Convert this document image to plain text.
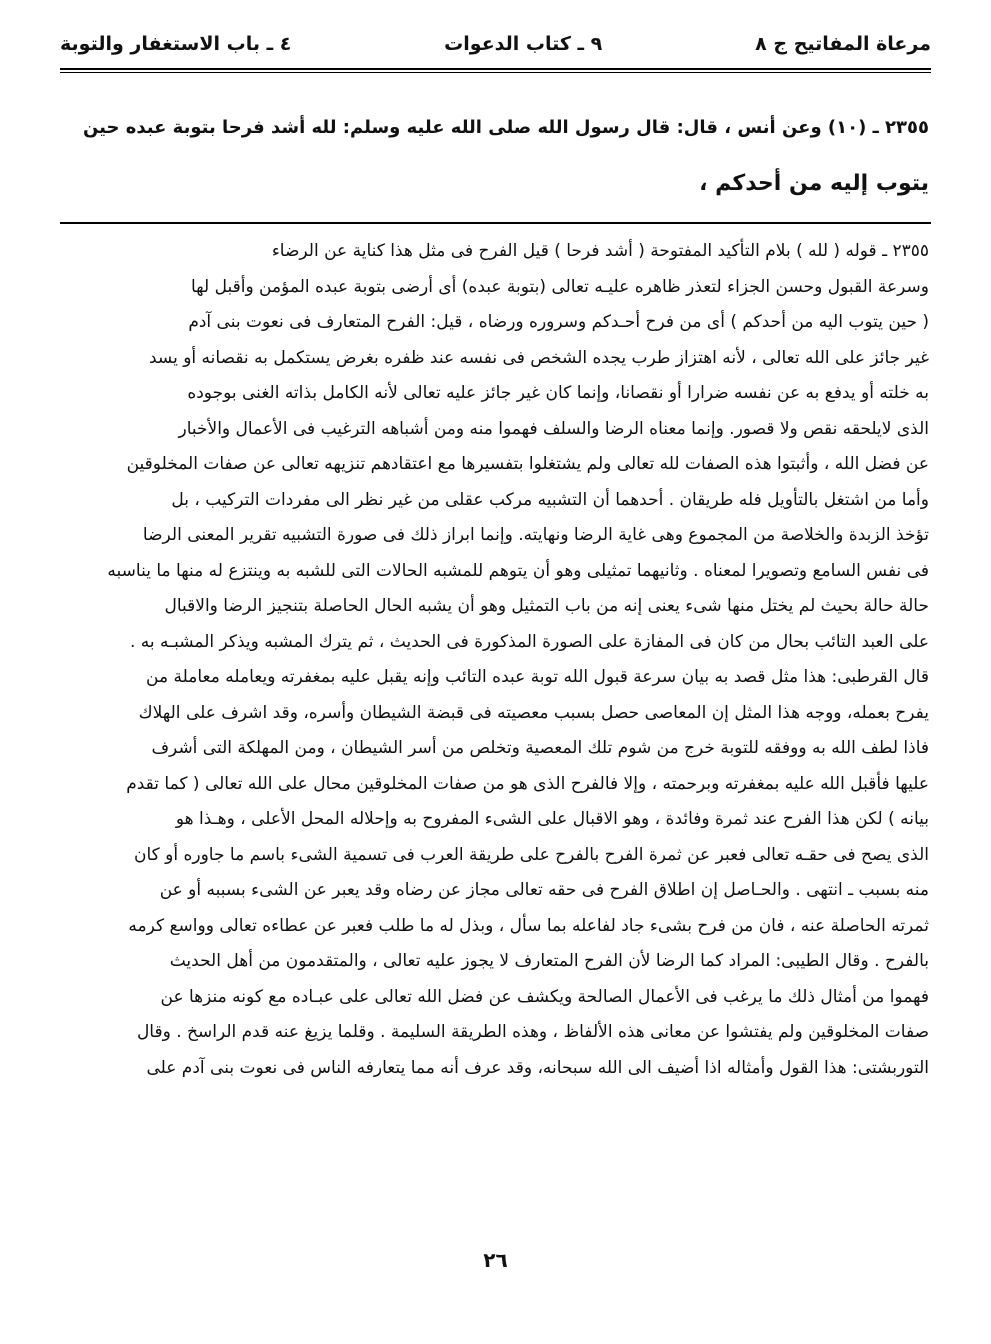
مرعاة المفاتيح ج ٨
٩ ـ كتاب الدعوات
٤ ـ باب الاستغفار والتوبة
٢٣٥٥ ـ (١٠) وعن أنس ، قال: قال رسول الله صلى الله عليه وسلم: لله أشد فرحا بتوبة عبده حين
يتوب إليه من أحدكم ،
٢٣٥٥ ـ قوله ( لله ) بلام التأكيد المفتوحة ( أشد فرحا ) قيل الفرح فى مثل هذا كناية عن الرضاء
وسرعة القبول وحسن الجزاء لتعذر ظاهره عليـه تعالى (بتوبة عبده) أى أرضى بتوبة عبده المؤمن وأقبل لها
( حين يتوب اليه من أحدكم ) أى من فرح أحـدكم وسروره ورضاه ، قيل: الفرح المتعارف فى نعوت بنى آدم
غير جائز على الله تعالى ، لأنه اهتزاز طرب يجده الشخص فى نفسه عند ظفره بغرض يستكمل به نقصانه أو يسد
به خلته أو يدفع به عن نفسه ضرارا أو نقصانا، وإنما كان غير جائز عليه تعالى لأنه الكامل بذاته الغنى بوجوده
الذى لايلحقه نقص ولا قصور. وإنما معناه الرضا والسلف فهموا منه ومن أشباهه الترغيب فى الأعمال والأخبار
عن فضل الله ، وأثبتوا هذه الصفات لله تعالى ولم يشتغلوا بتفسيرها مع اعتقادهم تنزيهه تعالى عن صفات المخلوقين
وأما من اشتغل بالتأويل فله طريقان . أحدهما أن التشبيه مركب عقلى من غير نظر الى مفردات التركيب ، بل
تؤخذ الزبدة والخلاصة من المجموع وهى غاية الرضا ونهايته. وإنما ابراز ذلك فى صورة التشبيه تقرير المعنى الرضا
فى نفس السامع وتصويرا لمعناه . وثانيهما تمثيلى وهو أن يتوهم للمشبه الحالات التى للشبه به وينتزع له منها ما يناسبه
حالة حالة بحيث لم يختل منها شىء يعنى إنه من باب التمثيل وهو أن يشبه الحال الحاصلة بتنجيز الرضا والاقبال
على العبد التائب بحال من كان فى المفازة على الصورة المذكورة فى الحديث ، ثم يترك المشبه ويذكر المشبـه به .
قال القرطبى: هذا مثل قصد به بيان سرعة قبول الله توبة عبده التائب وإنه يقبل عليه بمغفرته ويعامله معاملة من
يفرح بعمله، ووجه هذا المثل إن المعاصى حصل بسبب معصيته فى قبضة الشيطان وأسره، وقد اشرف على الهلاك
فاذا لطف الله به ووفقه للتوبة خرج من شوم تلك المعصية وتخلص من أسر الشيطان ، ومن المهلكة التى أشرف
عليها فأقبل الله عليه بمغفرته وبرحمته ، وإلا فالفرح الذى هو من صفات المخلوقين محال على الله تعالى ( كما تقدم
بيانه ) لكن هذا الفرح عند ثمرة وفائدة ، وهو الاقبال على الشىء المفروح به وإحلاله المحل الأعلى ، وهـذا هو
الذى يصح فى حقـه تعالى فعبر عن ثمرة الفرح بالفرح على طريقة العرب فى تسمية الشىء باسم ما جاوره أو كان
منه بسبب ـ انتهى . والحـاصل إن اطلاق الفرح فى حقه تعالى مجاز عن رضاه وقد يعبر عن الشىء بسببه أو عن
ثمرته الحاصلة عنه ، فان من فرح بشىء جاد لفاعله بما سأل ، وبذل له ما طلب فعبر عن عطاءه تعالى وواسع كرمه
بالفرح . وقال الطيبى: المراد كما الرضا لأن الفرح المتعارف لا يجوز عليه تعالى ، والمتقدمون من أهل الحديث
فهموا من أمثال ذلك ما يرغب فى الأعمال الصالحة ويكشف عن فضل الله تعالى على عبـاده مع كونه منزها عن
صفات المخلوقين ولم يفتشوا عن معانى هذه الألفاظ ، وهذه الطريقة السليمة . وقلما يزيغ عنه قدم الراسخ . وقال
التوربشتى: هذا القول وأمثاله اذا أضيف الى الله سبحانه، وقد عرف أنه مما يتعارفه الناس فى نعوت بنى آدم على
٢٦
